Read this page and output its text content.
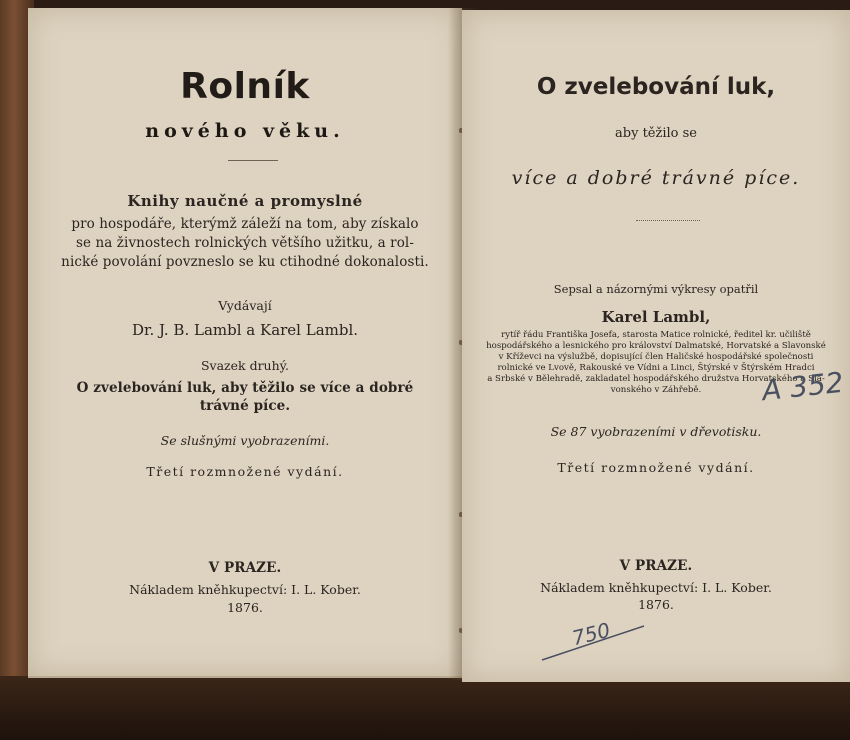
Rolník
nového věku.
Knihy naučné a promyslné
pro hospodáře, kterýmž záleží na tom, aby získalo
se na živnostech rolnických většího užitku, a rol-
nické povolání povzneslo se ku ctihodné dokonalosti.
Vydávají
Dr. J. B. Lambl a Karel Lambl.
Svazek druhý.
O zvelebování luk, aby těžilo se více a dobré
trávné píce.
Se slušnými vyobrazeními.
Třetí rozmnožené vydání.
V PRAZE.
Nákladem kněhkupectví: I. L. Kober.
1876.
O zvelebování luk,
aby těžilo se
více a dobré trávné píce.
Sepsal a názornými výkresy opatřil
Karel Lambl,
rytíř řádu Františka Josefa, starosta Matice rolnické, ředitel kr. učiliště
hospodářského a lesnického pro království Dalmatské, Horvatské a Slavonské
v Kříževci na výslužbě, dopisující člen Haličské hospodářské společnosti
rolnické ve Lvově, Rakouské ve Vídni a Linci, Štýrské v Štýrském Hradci
a Srbské v Bělehradě, zakladatel hospodářského družstva Horvatského a Sla-
vonského v Záhřebě.	A 352
Se 87 vyobrazeními v dřevotisku.
Třetí rozmnožené vydání.
V PRAZE.
Nákladem kněhkupectví: I. L. Kober.
1876.
750
